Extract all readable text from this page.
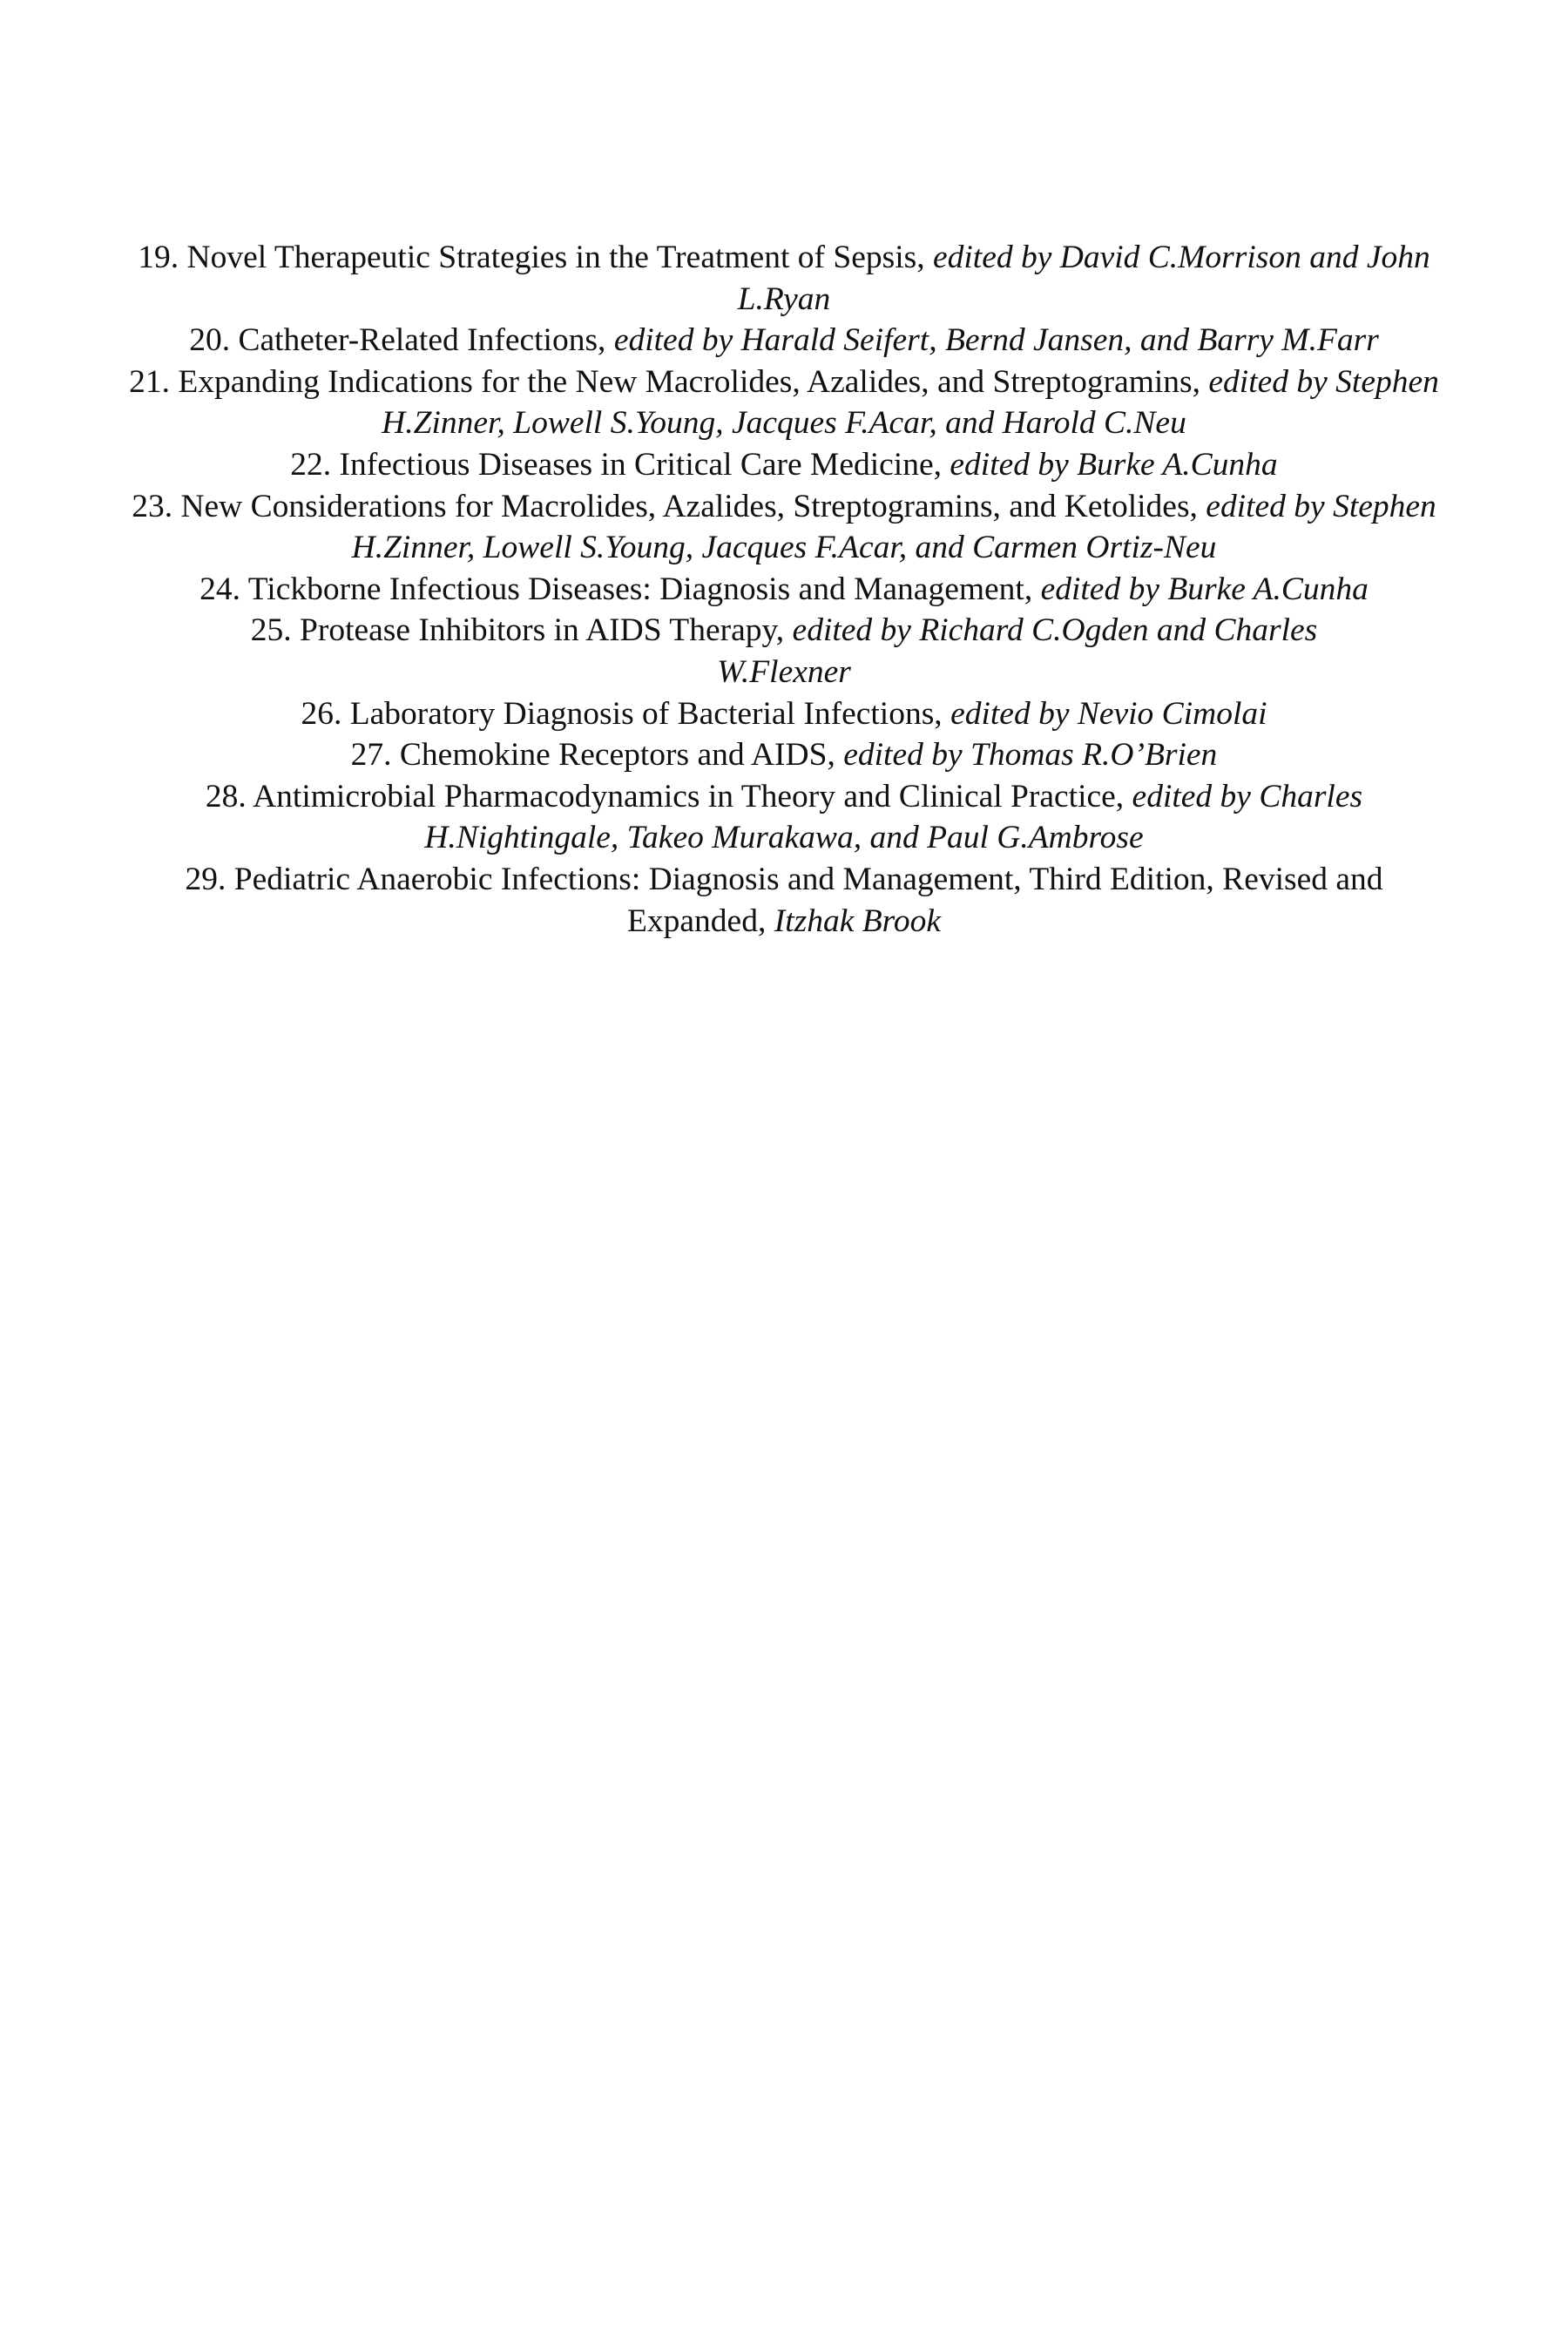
19. Novel Therapeutic Strategies in the Treatment of Sepsis, edited by David C.Morrison and John L.Ryan
20. Catheter-Related Infections, edited by Harald Seifert, Bernd Jansen, and Barry M.Farr
21. Expanding Indications for the New Macrolides, Azalides, and Streptogramins, edited by Stephen H.Zinner, Lowell S.Young, Jacques F.Acar, and Harold C.Neu
22. Infectious Diseases in Critical Care Medicine, edited by Burke A.Cunha
23. New Considerations for Macrolides, Azalides, Streptogramins, and Ketolides, edited by Stephen H.Zinner, Lowell S.Young, Jacques F.Acar, and Carmen Ortiz-Neu
24. Tickborne Infectious Diseases: Diagnosis and Management, edited by Burke A.Cunha
25. Protease Inhibitors in AIDS Therapy, edited by Richard C.Ogden and Charles W.Flexner
26. Laboratory Diagnosis of Bacterial Infections, edited by Nevio Cimolai
27. Chemokine Receptors and AIDS, edited by Thomas R.O’Brien
28. Antimicrobial Pharmacodynamics in Theory and Clinical Practice, edited by Charles H.Nightingale, Takeo Murakawa, and Paul G.Ambrose
29. Pediatric Anaerobic Infections: Diagnosis and Management, Third Edition, Revised and Expanded, Itzhak Brook
